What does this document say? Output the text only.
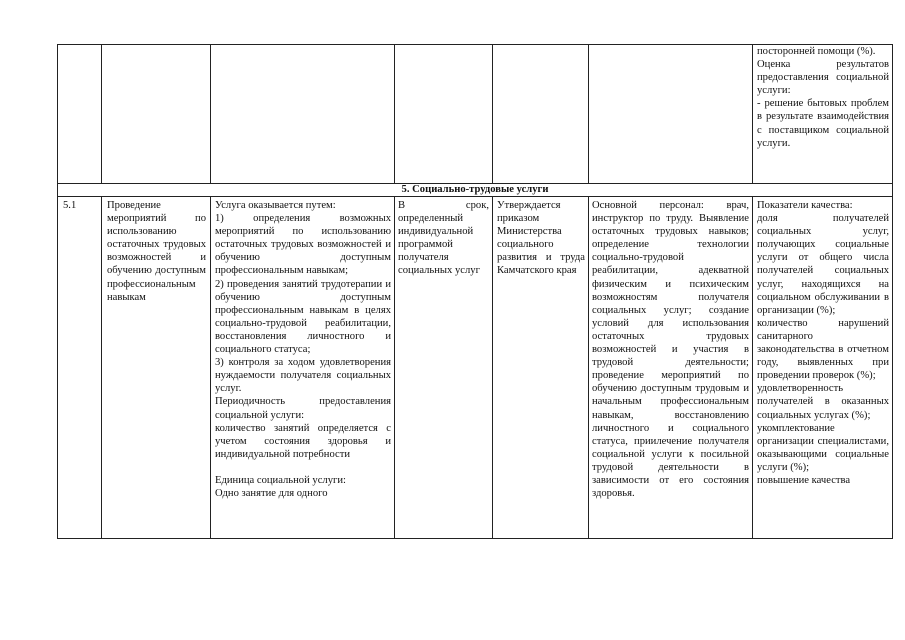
посторонней помощи (%).
Оценка результатов предоставления социальной услуги:
- решение бытовых проблем в результате взаимодействия с поставщиком социальной услуги.
5. Социально-трудовые услуги
5.1	Проведение мероприятий по использованию остаточных трудовых возможностей и обучению доступным профессиональным навыкам
Услуга оказывается путем:
1) определения возможных мероприятий по использованию остаточных трудовых возможностей и обучению доступным профессиональным навыкам;
2) проведения занятий трудотерапии и обучению доступным профессиональным навыкам в целях социально-трудовой реабилитации, восстановления личностного и социального статуса;
3) контроля за ходом удовлетворения нуждаемости получателя социальных услуг.
Периодичность предоставления социальной услуги:
количество занятий определяется с учетом состояния здоровья и индивидуальной потребности

Единица социальной услуги:
Одно занятие для одного
В срок, определенный индивидуальной программой получателя социальных услуг
Утверждается приказом Министерства социального развития и труда Камчатского края
Основной персонал: врач, инструктор по труду. Выявление остаточных трудовых навыков; определение технологии социально-трудовой реабилитации, адекватной физическим и психическим возможностям получателя социальных услуг; создание условий для использования остаточных трудовых возможностей и участия в трудовой деятельности; проведение мероприятий по обучению доступным трудовым и начальным профессиональным навыкам, восстановлению личностного и социального статуса, приилечение получателя социальной услуги к посильной трудовой деятельности в зависимости от его состояния здоровья.
Показатели качества:
доля получателей социальных услуг, получающих социальные услуги от общего числа получателей социальных услуг, находящихся на социальном обслуживании в организации (%);
количество нарушений санитарного законодательства в отчетном году, выявленных при проведении проверок (%);
удовлетворенность получателей в оказанных социальных услугах (%);
укомплектование организации специалистами, оказывающими социальные услуги (%);
повышение качества
